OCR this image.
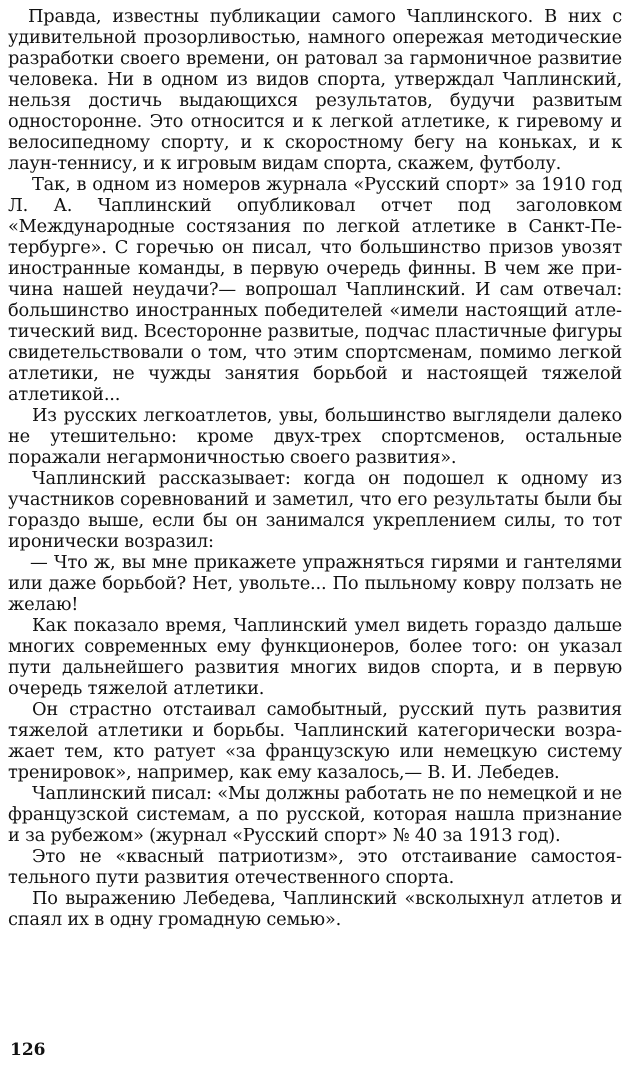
Правда, известны публикации самого Чаплинского. В них с удивительной прозорливостью, намного опережая методические разработки своего времени, он ратовал за гармоничное развитие человека. Ни в одном из видов спорта, утверждал Чаплинский, нельзя достичь выдающихся результатов, будучи развитым односторонне. Это относится и к легкой атлетике, к гиревому и велосипедному спорту, и к скоростному бегу на коньках, и к лаун-теннису, и к игровым видам спорта, скажем, футболу.

Так, в одном из номеров журнала «Русский спорт» за 1910 год Л. А. Чаплинский опубликовал отчет под заголовком «Международные состязания по легкой атлетике в Санкт-Петербурге». С горечью он писал, что большинство призов увозят иностранные команды, в первую очередь финны. В чем же причина нашей неудачи?— вопрошал Чаплинский. И сам отвечал: большинство иностранных победителей «имели настоящий атлетический вид. Всесторонне развитые, подчас пластичные фигуры свидетельствовали о том, что этим спортсменам, помимо легкой атлетики, не чужды занятия борьбой и настоящей тяжелой атлетикой...

Из русских легкоатлетов, увы, большинство выглядели далеко не утешительно: кроме двух-трех спортсменов, остальные поражали негармоничностью своего развития».

Чаплинский рассказывает: когда он подошел к одному из участников соревнований и заметил, что его результаты были бы гораздо выше, если бы он занимался укреплением силы, то тот иронически возразил:

— Что ж, вы мне прикажете упражняться гирями и гантелями или даже борьбой? Нет, увольте... По пыльному ковру ползать не желаю!

Как показало время, Чаплинский умел видеть гораздо дальше многих современных ему функционеров, более того: он указал пути дальнейшего развития многих видов спорта, и в первую очередь тяжелой атлетики.

Он страстно отстаивал самобытный, русский путь развития тяжелой атлетики и борьбы. Чаплинский категорически возражает тем, кто ратует «за французскую или немецкую систему тренировок», например, как ему казалось,— В. И. Лебедев.

Чаплинский писал: «Мы должны работать не по немецкой и не французской системам, а по русской, которая нашла признание и за рубежом» (журнал «Русский спорт» № 40 за 1913 год).

Это не «квасный патриотизм», это отстаивание самостоятельного пути развития отечественного спорта.

По выражению Лебедева, Чаплинский «всколыхнул атлетов и спаял их в одну громадную семью».

126
